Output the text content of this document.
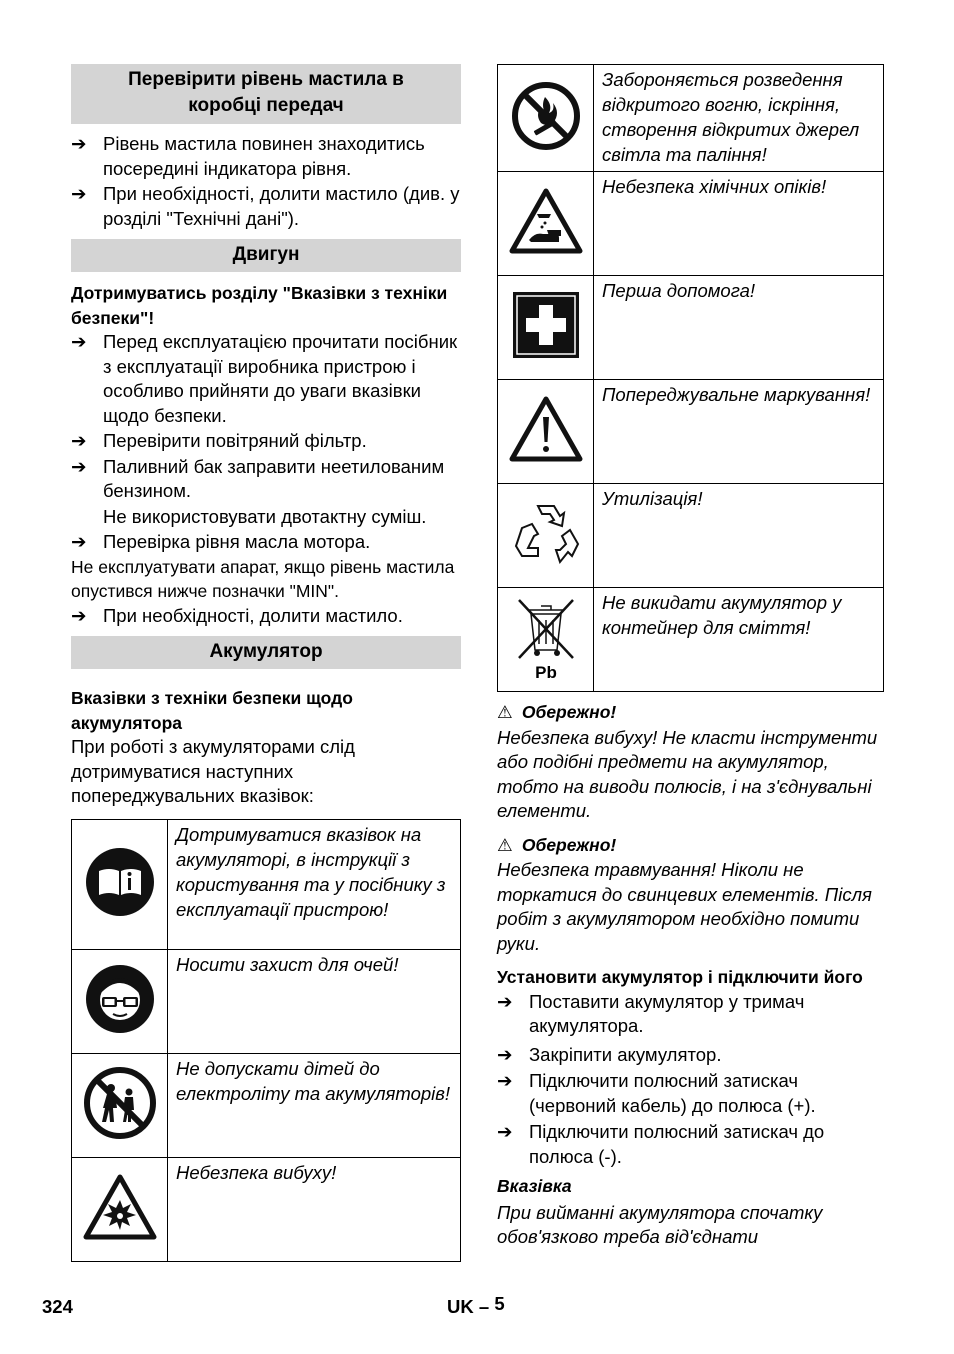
Перевірити рівень мастила в коробці передач
➔ Рівень мастила повинен знаходитись посередині індикатора рівня.
➔ При необхідності, долити мастило (див. у розділі "Технічні дані").
Двигун

Дотримуватись розділу "Вказівки з техніки безпеки"!

➔ Перед експлуатацією прочитати посібник з експлуатації виробника пристрою і особливо прийняти до уваги вказівки щодо безпеки.
➔ Перевірити повітряний фільтр.
➔ Паливний бак заправити неетилованим бензином.
Не використовувати двотактну суміш.
➔ Перевірка рівня масла мотора.

Не експлуатувати апарат, якщо рівень мастила опустився нижче позначки "MIN".

➔ При необхідності, долити мастило.
Акумулятор

Вказівки з техніки безпеки щодо акумулятора

При роботі з акумуляторами слід дотримуватися наступних попереджувальних вказівок:

	Дотримуватися вказівок на акумуляторі, в інструкції з користування та у посібнику з експлуатації пристрою!
	Носити захист для очей!
	Не допускати дітей до електроліту та акумуляторів!
	Небезпека вибуху!
	Забороняється розведення відкритого вогню, іскріння, створення відкритих джерел світла та паління!
	Небезпека хімічних опіків!
	Перша допомога!
	Попереджувальне маркування!
	Утилізація!

Pb	Не викидати акумулятор у контейнер для сміття!

⚠ Обережно!

Небезпека вибуху! Не класти інструменти або подібні предмети на акумулятор, тобто на виводи полюсів, і на з'єднувальні елементи.

⚠ Обережно!

Небезпека травмування! Ніколи не торкатися до свинцевих елементів. Після робіт з акумулятором необхідно помити руки.

Установити акумулятор і підключити його

➔ Поставити акумулятор у тримач акумулятора.
➔ Закріпити акумулятор.
➔ Підключити полюсний затискач (червоний кабель) до полюса (+).
➔ Підключити полюсний затискач до полюса (-).

Вказівка

При вийманні акумулятора спочатку обов'язково треба від'єднати

324	UK – 5
